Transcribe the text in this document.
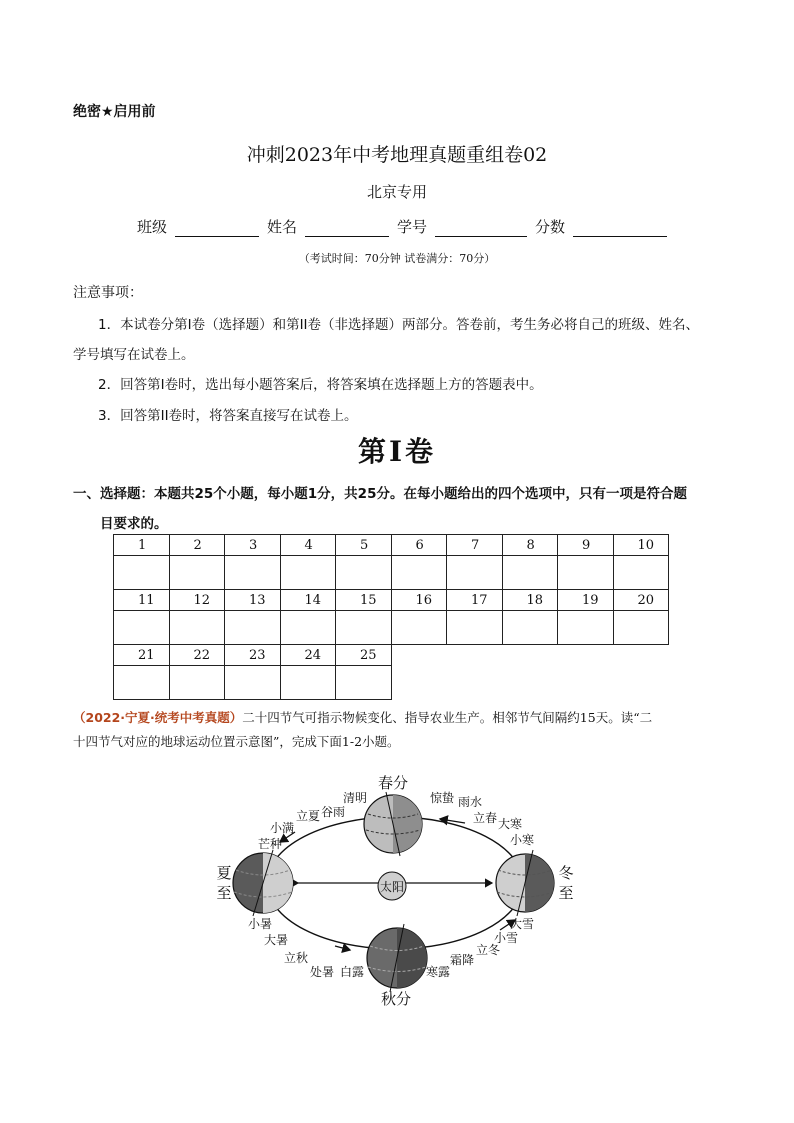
绝密★启用前
冲刺2023年中考地理真题重组卷02
北京专用
班级	姓名	学号	分数
（考试时间：70分钟 试卷满分：70分）
注意事项：
1．本试卷分第I卷（选择题）和第II卷（非选择题）两部分。答卷前，考生务必将自己的班级、姓名、
学号填写在试卷上。
2．回答第I卷时，选出每小题答案后，将答案填在选择题上方的答题表中。
3．回答第II卷时，将答案直接写在试卷上。
第I卷
一、选择题：本题共25个小题，每小题1分，共25分。在每小题给出的四个选项中，只有一项是符合题
目要求的。
1	2	3	4	5	6	7	8	9	10

11	12	13	14	15	16	17	18	19	20

21	22	23	24	25					

（2022·宁夏·统考中考真题）二十四节气可指示物候变化、指导农业生产。相邻节气间隔约15天。读“二
十四节气对应的地球运动位置示意图”，完成下面1-2小题。
太阳
春分
夏
至
冬
至
秋分
清明
谷雨
立夏
小满
芒种
惊蛰 雨水
立春 大寒
小寒
小暑
大暑
立秋
处暑 白露	寒露
霜降
立冬
小雪
大雪
